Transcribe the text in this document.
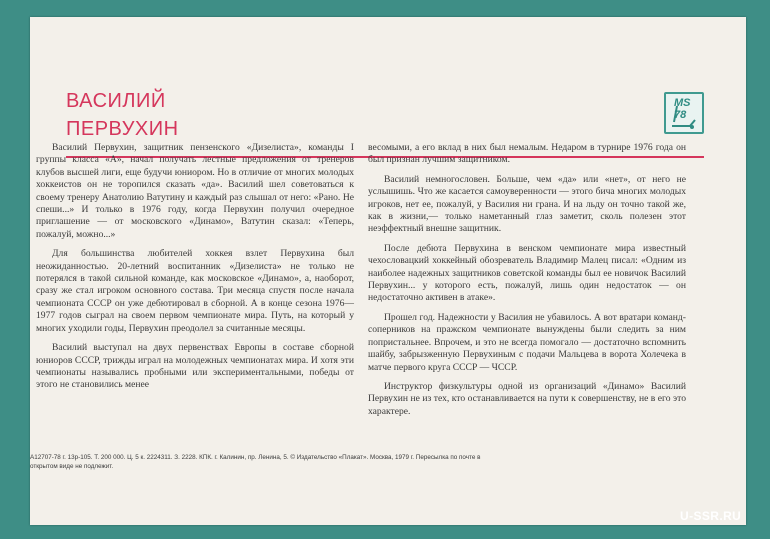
ВАСИЛИЙ
ПЕРВУХИН
MS 78

Василий Первухин, защитник пензенского «Дизелиста», команды I группы класса «А», начал получать лестные предложения от тренеров клубов высшей лиги, еще будучи юниором. Но в отличие от многих молодых хоккеистов он не торопился сказать «да». Василий шел советоваться к своему тренеру Анатолию Ватутину и каждый раз слышал от него: «Рано. Не спеши...» И только в 1976 году, когда Первухин получил очередное приглашение — от московского «Динамо», Ватутин сказал: «Теперь, пожалуй, можно...»

Для большинства любителей хоккея взлет Первухина был неожиданностью. 20-летний воспитанник «Дизелиста» не только не потерялся в такой сильной команде, как московское «Динамо», а, наоборот, сразу же стал игроком основного состава. Три месяца спустя после начала чемпионата СССР он уже дебютировал в сборной. А в конце сезона 1976—1977 годов сыграл на своем первом чемпионате мира. Путь, на который у многих уходили годы, Первухин преодолел за считанные месяцы.

Василий выступал на двух первенствах Европы в составе сборной юниоров СССР, трижды играл на молодежных чемпионатах мира. И хотя эти чемпионаты назывались пробными или экспериментальными, победы от этого не становились менее

весомыми, а его вклад в них был немалым. Недаром в турнире 1976 года он был признан лучшим защитником.

Василий немногословен. Больше, чем «да» или «нет», от него не услышишь. Что же касается самоуверенности — этого бича многих молодых игроков, нет ее, пожалуй, у Василия ни грана. И на льду он точно такой же, как в жизни,— только наметанный глаз заметит, сколь полезен этот неэффектный внешне защитник.

После дебюта Первухина в венском чемпионате мира известный чехословацкий хоккейный обозреватель Владимир Малец писал: «Одним из наиболее надежных защитников советской команды был ее новичок Василий Первухин... у которого есть, пожалуй, лишь один недостаток — он недостаточно активен в атаке».

Прошел год. Надежности у Василия не убавилось. А вот вратари команд-соперников на пражском чемпионате вынуждены были следить за ним попристальнее. Впрочем, и это не всегда помогало — достаточно вспомнить шайбу, забрызженную Первухиным с подачи Мальцева в ворота Холечека в матче первого круга СССР — ЧССР.

Инструктор физкультуры одной из организаций «Динамо» Василий Первухин не из тех, кто останавливается на пути к совершенству, не в его это характере.

А12707-78 г. 13р-105. Т. 200 000. Ц. 5 к. 2224311. З. 2228. КПК. г. Калинин, пр. Ленина, 5. © Издательство «Плакат». Москва, 1979 г. Пересылка по почте в
открытом виде не подлежит.
U-SSR.RU
